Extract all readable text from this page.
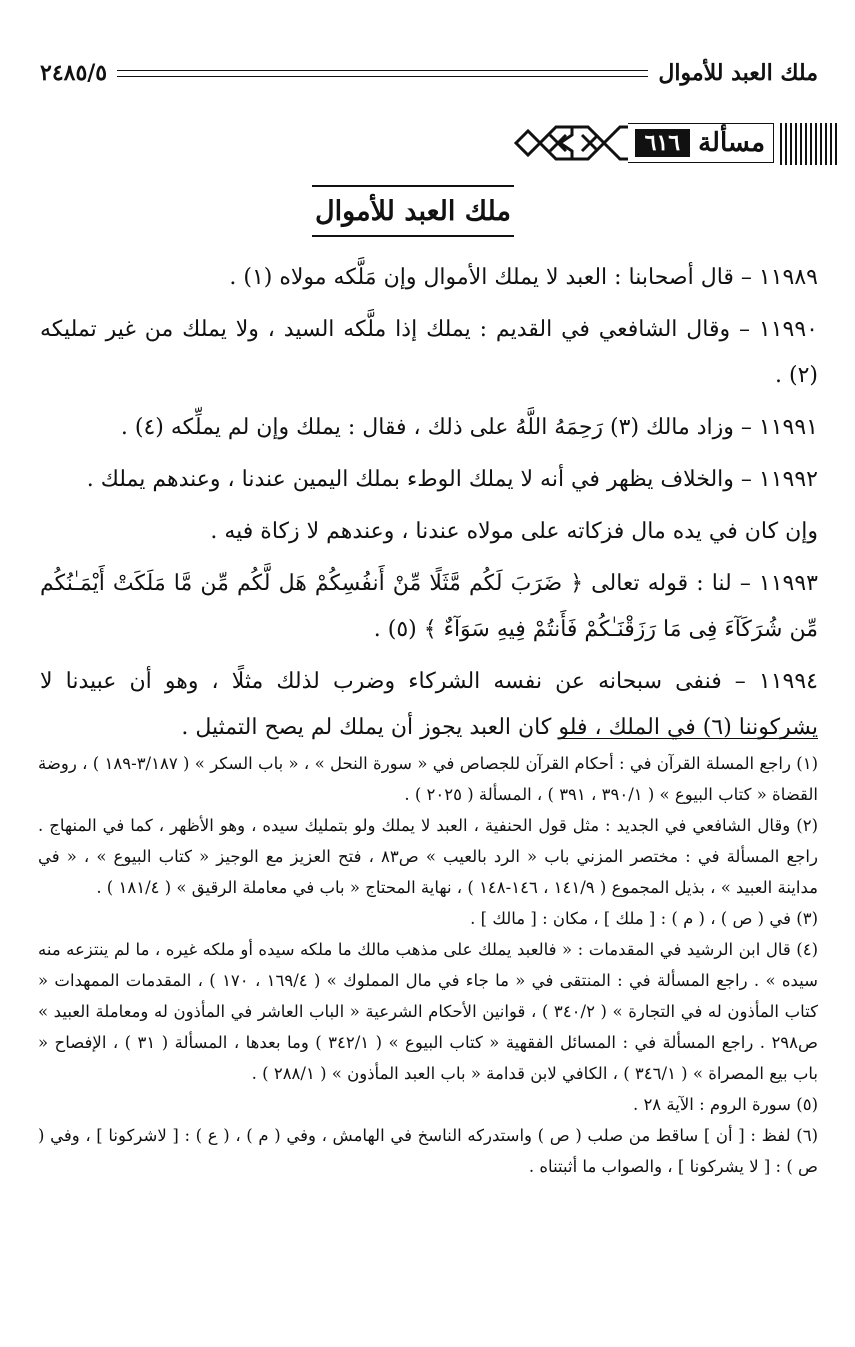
ملك العبد للأموال
٢٤٨٥/٥
مسألة
٦١٦
ملك العبد للأموال

١١٩٨٩ – قال أصحابنا : العبد لا يملك الأموال وإن مَلَّكه مولاه (١) .

١١٩٩٠ – وقال الشافعي في القديم : يملك إذا ملَّكه السيد ، ولا يملك من غير تمليكه (٢) .

١١٩٩١ – وزاد مالك (٣) رَحِمَهُ اللَّهُ على ذلك ، فقال : يملك وإن لم يملِّكه (٤) .

١١٩٩٢ – والخلاف يظهر في أنه لا يملك الوطء بملك اليمين عندنا ، وعندهم يملك .

وإن كان في يده مال فزكاته على مولاه عندنا ، وعندهم لا زكاة فيه .

١١٩٩٣ – لنا : قوله تعالى ﴿ ضَرَبَ لَكُم مَّثَلًا مِّنْ أَنفُسِكُمْ هَل لَّكُم مِّن مَّا مَلَكَتْ أَيْمَـٰنُكُم مِّن شُرَكَآءَ فِى مَا رَزَقْنَـٰكُمْ فَأَنتُمْ فِيهِ سَوَآءٌ ﴾ (٥) .

١١٩٩٤ – فنفى سبحانه عن نفسه الشركاء وضرب لذلك مثلًا ، وهو أن عبيدنا لا يشركوننا (٦) في الملك ، فلو كان العبد يجوز أن يملك لم يصح التمثيل .

(١) راجع المسلة القرآن في : أحكام القرآن للجصاص في « سورة النحل » ، « باب السكر » ( ٣/١٨٧-١٨٩ ) ، روضة القضاة « كتاب البيوع » ( ٣٩٠/١ ، ٣٩١ ) ، المسألة ( ٢٠٢٥ ) .

(٢) وقال الشافعي في الجديد : مثل قول الحنفية ، العبد لا يملك ولو بتمليك سيده ، وهو الأظهر ، كما في المنهاج . راجع المسألة في : مختصر المزني باب « الرد بالعيب » ص٨٣ ، فتح العزيز مع الوجيز « كتاب البيوع » ، « في مداينة العبيد » ، بذيل المجموع ( ١٤١/٩ ، ١٤٦-١٤٨ ) ، نهاية المحتاج « باب في معاملة الرقيق » ( ١٨١/٤ ) .

(٣) في ( ص ) ، ( م ) : [ ملك ] ، مكان : [ مالك ] .

(٤) قال ابن الرشيد في المقدمات : « فالعبد يملك على مذهب مالك ما ملكه سيده أو ملكه غيره ، ما لم ينتزعه منه سيده » . راجع المسألة في : المنتقى في « ما جاء في مال المملوك » ( ١٦٩/٤ ، ١٧٠ ) ، المقدمات الممهدات « كتاب المأذون له في التجارة » ( ٣٤٠/٢ ) ، قوانين الأحكام الشرعية « الباب العاشر في المأذون له ومعاملة العبيد » ص٢٩٨ . راجع المسألة في : المسائل الفقهية « كتاب البيوع » ( ٣٤٢/١ ) وما بعدها ، المسألة ( ٣١ ) ، الإفصاح « باب بيع المصراة » ( ٣٤٦/١ ) ، الكافي لابن قدامة « باب العبد المأذون » ( ٢٨٨/١ ) .

(٥) سورة الروم : الآية ٢٨ .

(٦) لفظ : [ أن ] ساقط من صلب ( ص ) واستدركه الناسخ في الهامش ، وفي ( م ) ، ( ع ) : [ لاشركونا ] ، وفي ( ص ) : [ لا يشركونا ] ، والصواب ما أثبتناه .
